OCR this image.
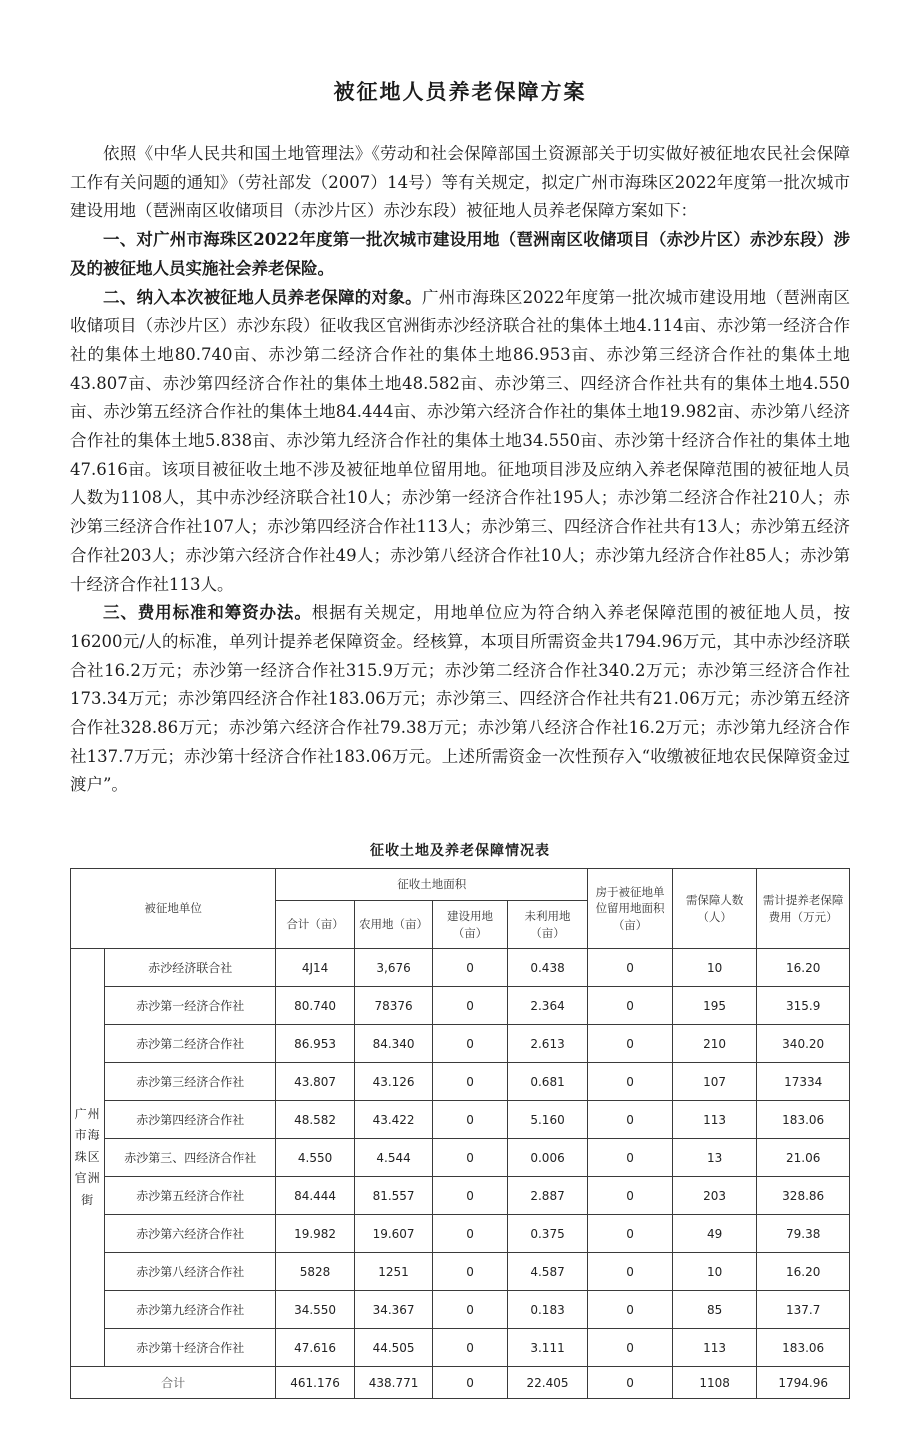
被征地人员养老保障方案

依照《中华人民共和国土地管理法》《劳动和社会保障部国土资源部关于切实做好被征地农民社会保障工作有关问题的通知》（劳社部发（2007）14号）等有关规定，拟定广州市海珠区2022年度第一批次城市建设用地（琶洲南区收储项目（赤沙片区）赤沙东段）被征地人员养老保障方案如下：

一、对广州市海珠区2022年度第一批次城市建设用地（琶洲南区收储项目（赤沙片区）赤沙东段）涉及的被征地人员实施社会养老保险。

二、纳入本次被征地人员养老保障的对象。广州市海珠区2022年度第一批次城市建设用地（琶洲南区收储项目（赤沙片区）赤沙东段）征收我区官洲街赤沙经济联合社的集体土地4.114亩、赤沙第一经济合作社的集体土地80.740亩、赤沙第二经济合作社的集体土地86.953亩、赤沙第三经济合作社的集体土地43.807亩、赤沙第四经济合作社的集体土地48.582亩、赤沙第三、四经济合作社共有的集体土地4.550亩、赤沙第五经济合作社的集体土地84.444亩、赤沙第六经济合作社的集体土地19.982亩、赤沙第八经济合作社的集体土地5.838亩、赤沙第九经济合作社的集体土地34.550亩、赤沙第十经济合作社的集体土地47.616亩。该项目被征收土地不涉及被征地单位留用地。征地项目涉及应纳入养老保障范围的被征地人员人数为1108人，其中赤沙经济联合社10人；赤沙第一经济合作社195人；赤沙第二经济合作社210人；赤沙第三经济合作社107人；赤沙第四经济合作社113人；赤沙第三、四经济合作社共有13人；赤沙第五经济合作社203人；赤沙第六经济合作社49人；赤沙第八经济合作社10人；赤沙第九经济合作社85人；赤沙第十经济合作社113人。

三、费用标准和筹资办法。根据有关规定，用地单位应为符合纳入养老保障范围的被征地人员，按16200元/人的标准，单列计提养老保障资金。经核算，本项目所需资金共1794.96万元，其中赤沙经济联合社16.2万元；赤沙第一经济合作社315.9万元；赤沙第二经济合作社340.2万元；赤沙第三经济合作社173.34万元；赤沙第四经济合作社183.06万元；赤沙第三、四经济合作社共有21.06万元；赤沙第五经济合作社328.86万元；赤沙第六经济合作社79.38万元；赤沙第八经济合作社16.2万元；赤沙第九经济合作社137.7万元；赤沙第十经济合作社183.06万元。上述所需资金一次性预存入“收缴被征地农民保障资金过渡户”。

征收土地及养老保障情况表
被征地单位		征收土地面积				房于被征地单位留用地面积（亩）	需保障人数（人）	需计提养老保障费用（万元）
		合计（亩）	农用地（亩）	建设用地（亩）	未利用地（亩）			
广州市海珠区官洲街	赤沙经济联合社	4J14	3,676	0	0.438	0	10	16.20
	赤沙第一经济合作社	80.740	78376	0	2.364	0	195	315.9
	赤沙第二经济合作社	86.953	84.340	0	2.613	0	210	340.20
	赤沙第三经济合作社	43.807	43.126	0	0.681	0	107	17334
	赤沙第四经济合作社	48.582	43.422	0	5.160	0	113	183.06
	赤沙第三、四经济合作社	4.550	4.544	0	0.006	0	13	21.06
	赤沙第五经济合作社	84.444	81.557	0	2.887	0	203	328.86
	赤沙第六经济合作社	19.982	19.607	0	0.375	0	49	79.38
	赤沙第八经济合作社	5828	1251	0	4.587	0	10	16.20
	赤沙第九经济合作社	34.550	34.367	0	0.183	0	85	137.7
	赤沙第十经济合作社	47.616	44.505	0	3.111	0	113	183.06
合计		461.176	438.771	0	22.405	0	1108	1794.96
